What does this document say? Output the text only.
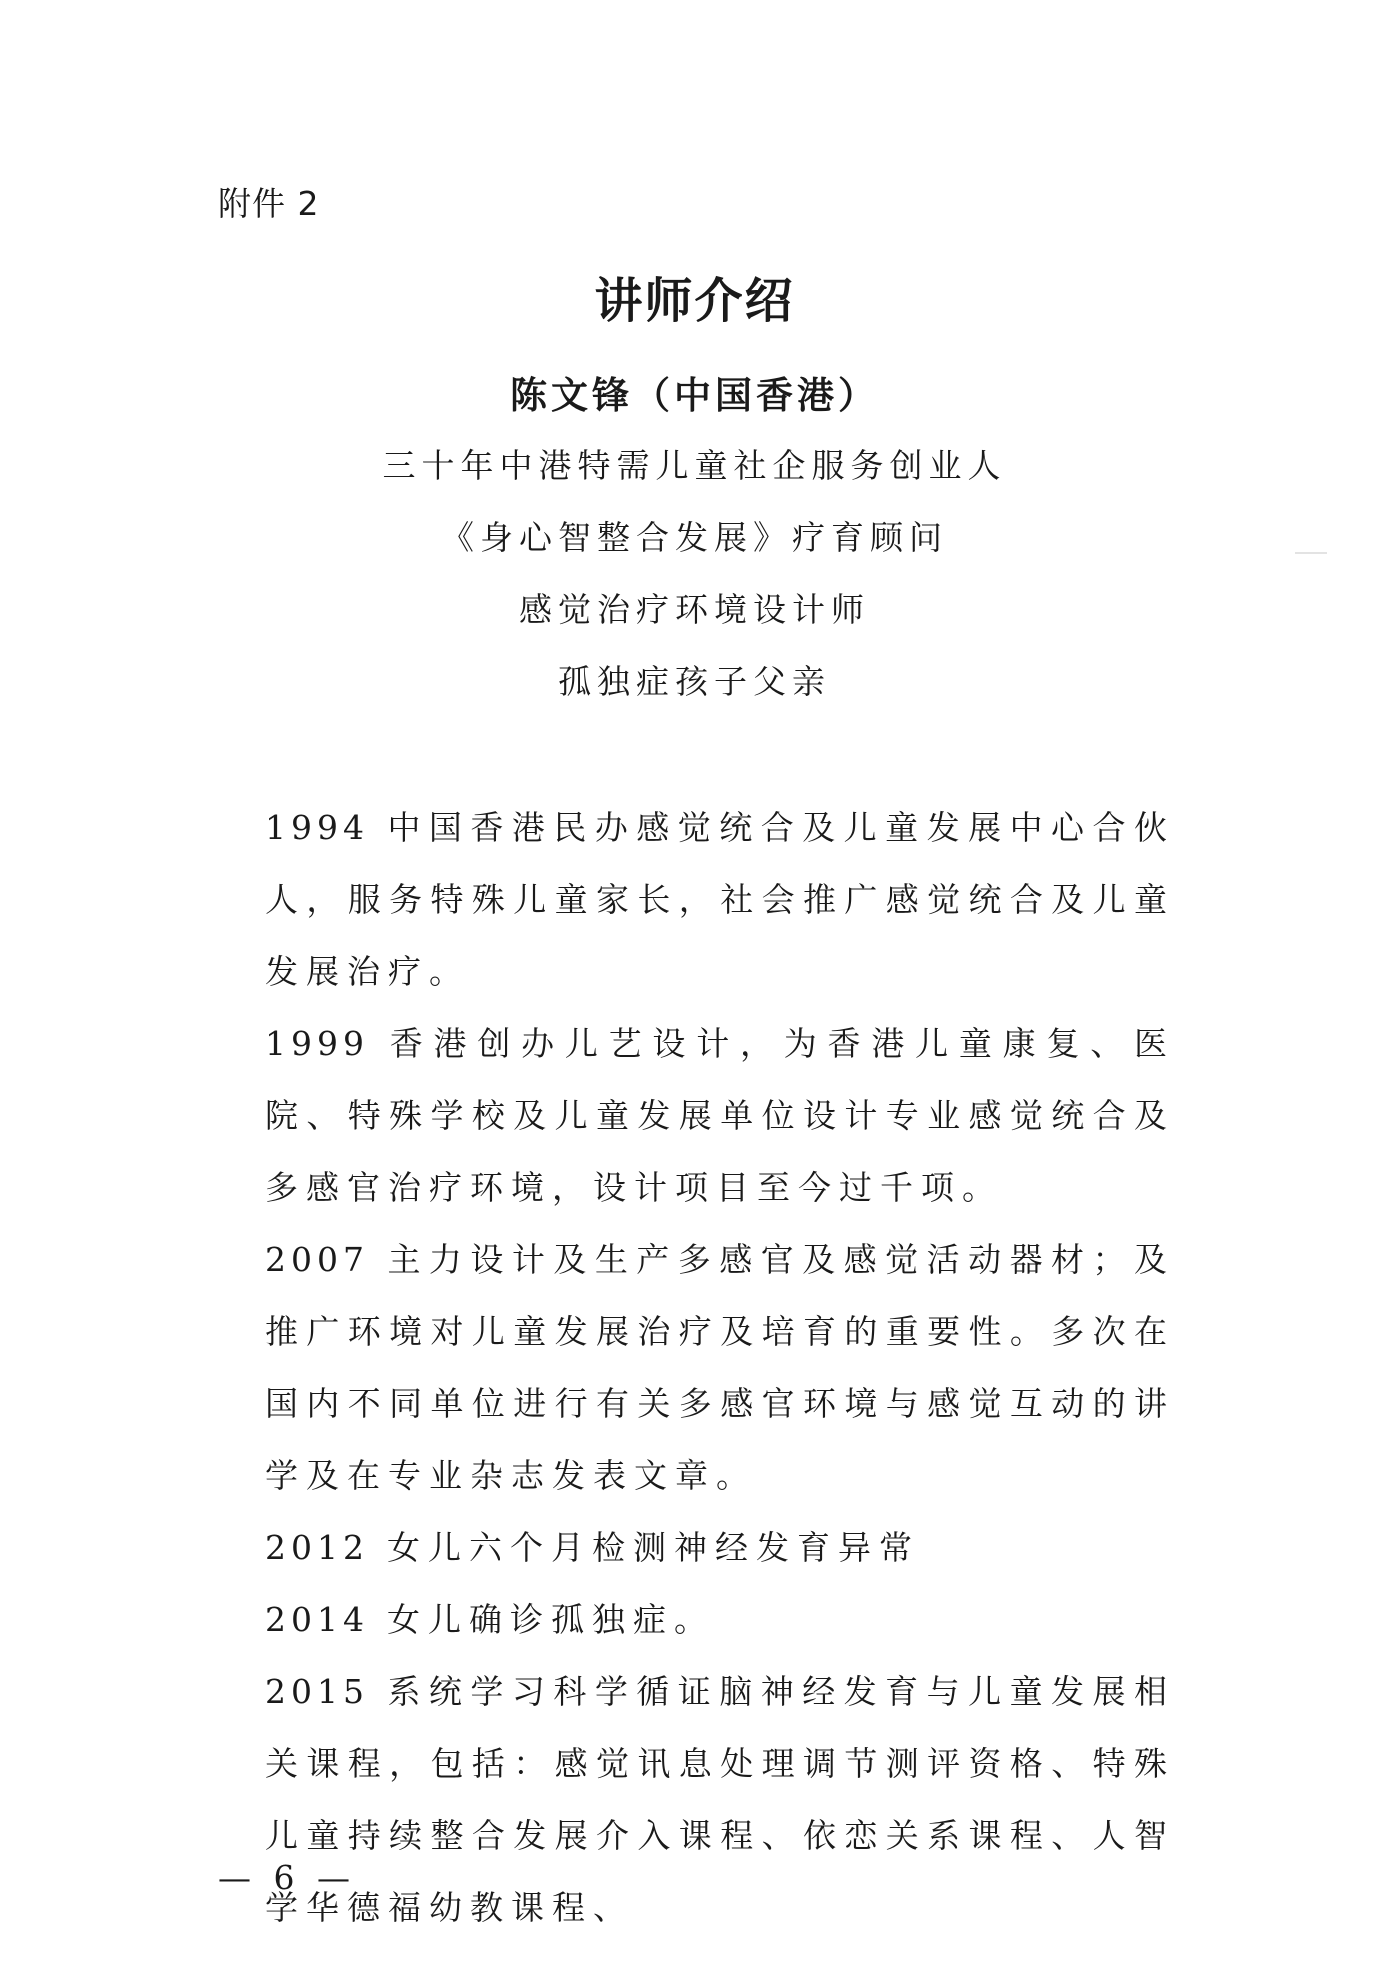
附件 2
讲师介绍
陈文锋（中国香港）
三十年中港特需儿童社企服务创业人
《身心智整合发展》疗育顾问
感觉治疗环境设计师
孤独症孩子父亲
1994 中国香港民办感觉统合及儿童发展中心合伙人，服务特殊儿童家长，社会推广感觉统合及儿童发展治疗。
1999 香港创办儿艺设计，为香港儿童康复、医院、特殊学校及儿童发展单位设计专业感觉统合及多感官治疗环境，设计项目至今过千项。
2007 主力设计及生产多感官及感觉活动器材；及推广环境对儿童发展治疗及培育的重要性。多次在国内不同单位进行有关多感官环境与感觉互动的讲学及在专业杂志发表文章。
2012 女儿六个月检测神经发育异常
2014 女儿确诊孤独症。
2015 系统学习科学循证脑神经发育与儿童发展相关课程，包括：感觉讯息处理调节测评资格、特殊儿童持续整合发展介入课程、依恋关系课程、人智学华德福幼教课程、
— 6 —
